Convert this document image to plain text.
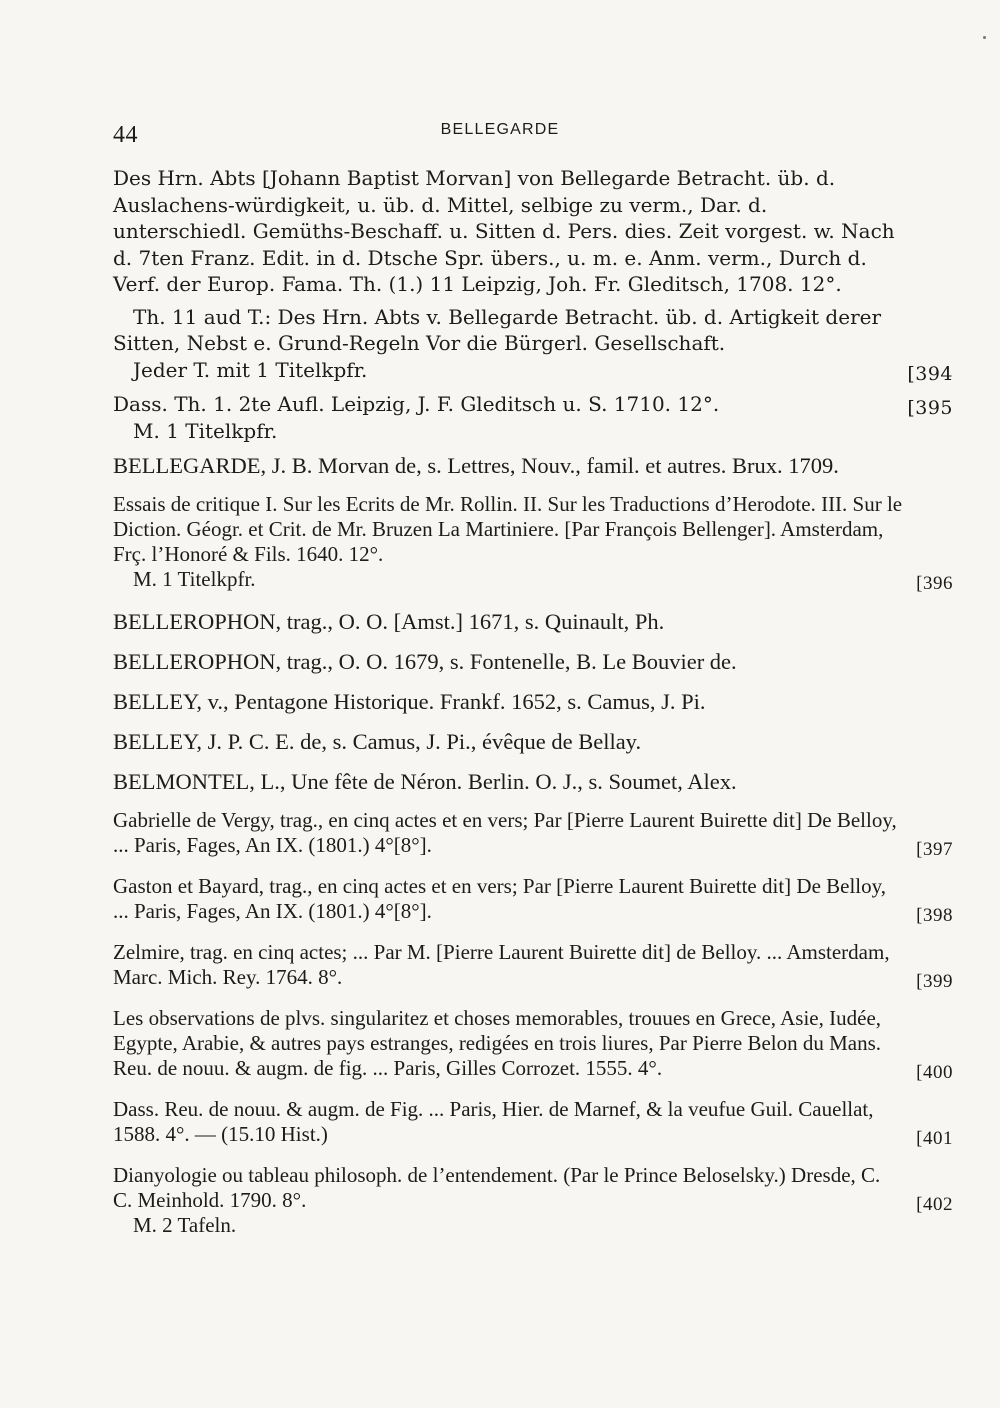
44	BELLEGARDE
Des Hrn. Abts [Johann Baptist Morvan] von Bellegarde Betracht. üb. d. Auslachens-würdigkeit, u. üb. d. Mittel, selbige zu verm., Dar. d. unterschiedl. Gemüths-Beschaff. u. Sitten d. Pers. dies. Zeit vorgest. w. Nach d. 7ten Franz. Edit. in d. Dtsche Spr. übers., u. m. e. Anm. verm., Durch d. Verf. der Europ. Fama. Th. (1.) 11 Leipzig, Joh. Fr. Gleditsch, 1708. 12°.
Th. 11 aud T.: Des Hrn. Abts v. Bellegarde Betracht. üb. d. Artigkeit derer Sitten, Nebst e. Grund-Regeln Vor die Bürgerl. Gesellschaft.
Jeder T. mit 1 Titelkpfr.	[394
Dass. Th. 1. 2te Aufl. Leipzig, J. F. Gleditsch u. S. 1710. 12°.	[395
M. 1 Titelkpfr.
BELLEGARDE, J. B. Morvan de, s. Lettres, Nouv., famil. et autres. Brux. 1709.
Essais de critique I. Sur les Ecrits de Mr. Rollin. II. Sur les Traductions d’Herodote. III. Sur le Diction. Géogr. et Crit. de Mr. Bruzen La Martiniere. [Par François Bellenger]. Amsterdam, Frç. l’Honoré & Fils. 1640. 12°.
M. 1 Titelkpfr.	[396
BELLEROPHON, trag., O. O. [Amst.] 1671, s. Quinault, Ph.
BELLEROPHON, trag., O. O. 1679, s. Fontenelle, B. Le Bouvier de.
BELLEY, v., Pentagone Historique. Frankf. 1652, s. Camus, J. Pi.
BELLEY, J. P. C. E. de, s. Camus, J. Pi., évêque de Bellay.
BELMONTEL, L., Une fête de Néron. Berlin. O. J., s. Soumet, Alex.
Gabrielle de Vergy, trag., en cinq actes et en vers; Par [Pierre Laurent Buirette dit] De Belloy, ... Paris, Fages, An IX. (1801.) 4°[8°].	[397
Gaston et Bayard, trag., en cinq actes et en vers; Par [Pierre Laurent Buirette dit] De Belloy, ... Paris, Fages, An IX. (1801.) 4°[8°].	[398
Zelmire, trag. en cinq actes; ... Par M. [Pierre Laurent Buirette dit] de Belloy. ... Amsterdam, Marc. Mich. Rey. 1764. 8°.	[399
Les observations de plvs. singularitez et choses memorables, trouues en Grece, Asie, Iudée, Egypte, Arabie, & autres pays estranges, redigées en trois liures, Par Pierre Belon du Mans. Reu. de nouu. & augm. de fig. ... Paris, Gilles Corrozet. 1555. 4°.	[400
Dass. Reu. de nouu. & augm. de Fig. ... Paris, Hier. de Marnef, & la veufue Guil. Cauellat, 1588. 4°. — (15.10 Hist.)	[401
Dianyologie ou tableau philosoph. de l’entendement. (Par le Prince Beloselsky.) Dresde, C. C. Meinhold. 1790. 8°.	[402
M. 2 Tafeln.
